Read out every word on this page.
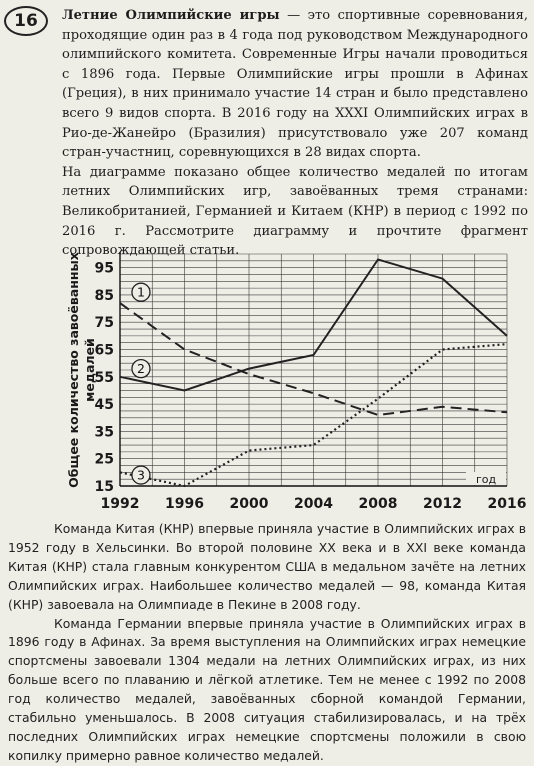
16	Летние Олимпийские игры — это спортивные соревнования, проходящие один раз в 4 года под руководством Международного олимпийского комитета. Современные Игры начали проводиться с 1896 года. Первые Олимпийские игры прошли в Афинах (Греция), в них принимало участие 14 стран и было представлено всего 9 видов спорта. В 2016 году на XXXI Олимпийских играх в Рио-де-Жанейро (Бразилия) присутствовало уже 207 команд стран-участниц, соревнующихся в 28 видах спорта.

На диаграмме показано общее количество медалей по итогам летних Олимпийских игр, завоёванных тремя странами: Великобританией, Германией и Китаем (КНР) в период с 1992 по 2016 г. Рассмотрите диаграмму и прочтите фрагмент сопровождающей статьи.

15
25
35
45
55
65
75
85
95
1992 1996 2000 2004 2008 2012 2016
год
Общее количество завоёванныхмедалей
1
2
3

Команда Китая (КНР) впервые приняла участие в Олимпийских играх в 1952 году в Хельсинки. Во второй половине XX века и в XXI веке команда Китая (КНР) стала главным конкурентом США в медальном зачёте на летних Олимпийских играх. Наибольшее количество медалей — 98, команда Китая (КНР) завоевала на Олимпиаде в Пекине в 2008 году.

Команда Германии впервые приняла участие в Олимпийских играх в 1896 году в Афинах. За время выступления на Олимпийских играх немецкие спортсмены завоевали 1304 медали на летних Олимпийских играх, из них больше всего по плаванию и лёгкой атлетике. Тем не менее с 1992 по 2008 год количество медалей, завоёванных сборной командой Германии, стабильно уменьшалось. В 2008 ситуация стабилизировалась, и на трёх последних Олимпийских играх немецкие спортсмены положили в свою копилку примерно равное количество медалей.
